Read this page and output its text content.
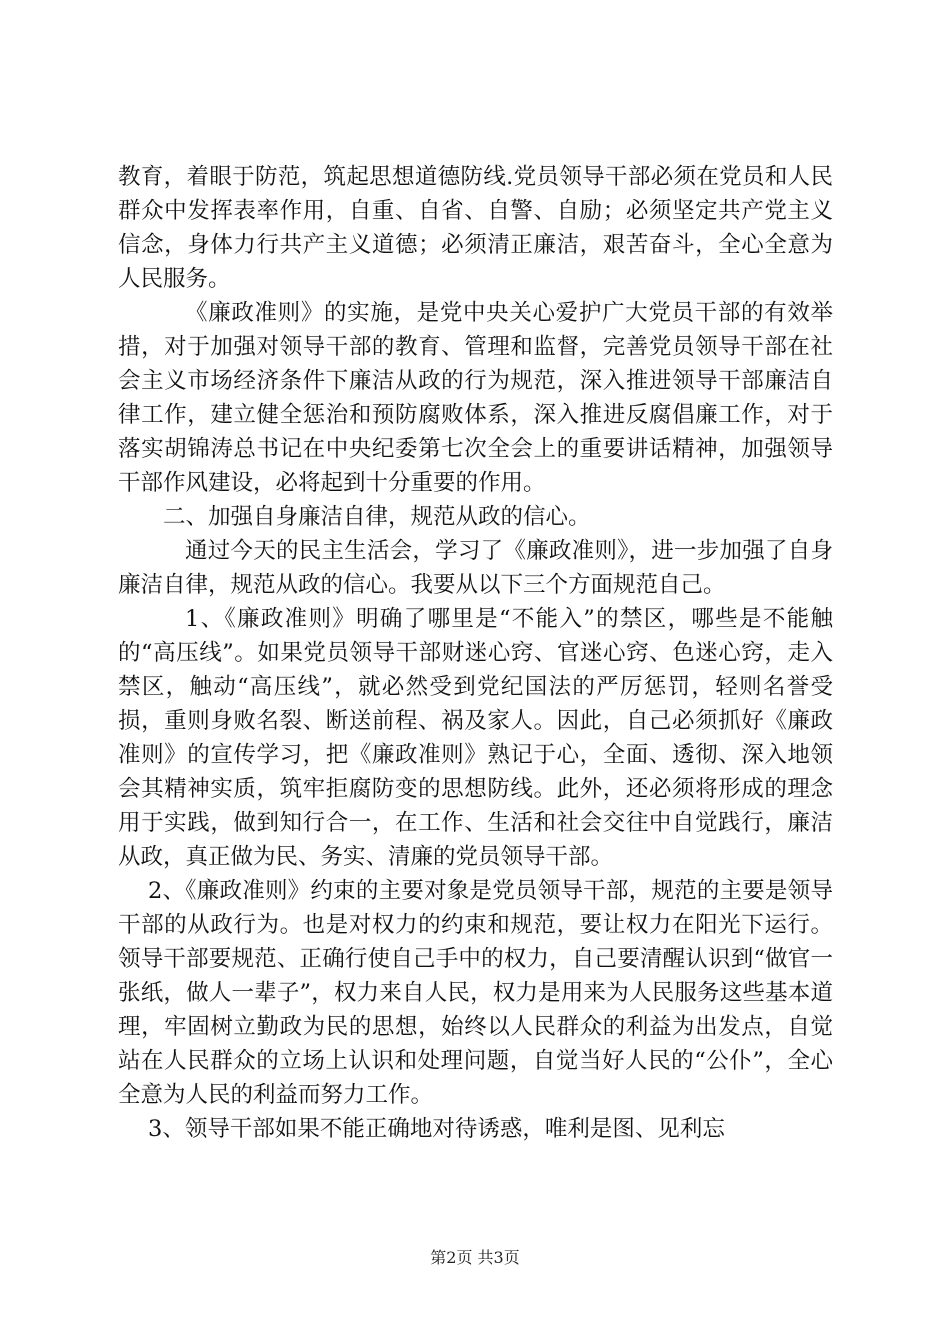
教育，着眼于防范，筑起思想道德防线.党员领导干部必须在党员和人民群众中发挥表率作用，自重、自省、自警、自励；必须坚定共产党主义信念，身体力行共产主义道德；必须清正廉洁，艰苦奋斗，全心全意为人民服务。

《廉政准则》的实施，是党中央关心爱护广大党员干部的有效举措，对于加强对领导干部的教育、管理和监督，完善党员领导干部在社会主义市场经济条件下廉洁从政的行为规范，深入推进领导干部廉洁自律工作，建立健全惩治和预防腐败体系，深入推进反腐倡廉工作，对于落实胡锦涛总书记在中央纪委第七次全会上的重要讲话精神，加强领导干部作风建设，必将起到十分重要的作用。

二、加强自身廉洁自律，规范从政的信心。

通过今天的民主生活会，学习了《廉政准则》，进一步加强了自身廉洁自律，规范从政的信心。我要从以下三个方面规范自己。

1、《廉政准则》明确了哪里是“不能入”的禁区，哪些是不能触的“高压线”。如果党员领导干部财迷心窍、官迷心窍、色迷心窍，走入禁区，触动“高压线”，就必然受到党纪国法的严厉惩罚，轻则名誉受损，重则身败名裂、断送前程、祸及家人。因此，自己必须抓好《廉政准则》的宣传学习，把《廉政准则》熟记于心，全面、透彻、深入地领会其精神实质，筑牢拒腐防变的思想防线。此外，还必须将形成的理念用于实践，做到知行合一，在工作、生活和社会交往中自觉践行，廉洁从政，真正做为民、务实、清廉的党员领导干部。

2、《廉政准则》约束的主要对象是党员领导干部，规范的主要是领导干部的从政行为。也是对权力的约束和规范，要让权力在阳光下运行。领导干部要规范、正确行使自己手中的权力，自己要清醒认识到“做官一张纸，做人一辈子”，权力来自人民，权力是用来为人民服务这些基本道理，牢固树立勤政为民的思想，始终以人民群众的利益为出发点，自觉站在人民群众的立场上认识和处理问题，自觉当好人民的“公仆”，全心全意为人民的利益而努力工作。

3、领导干部如果不能正确地对待诱惑，唯利是图、见利忘

第2页 共3页
